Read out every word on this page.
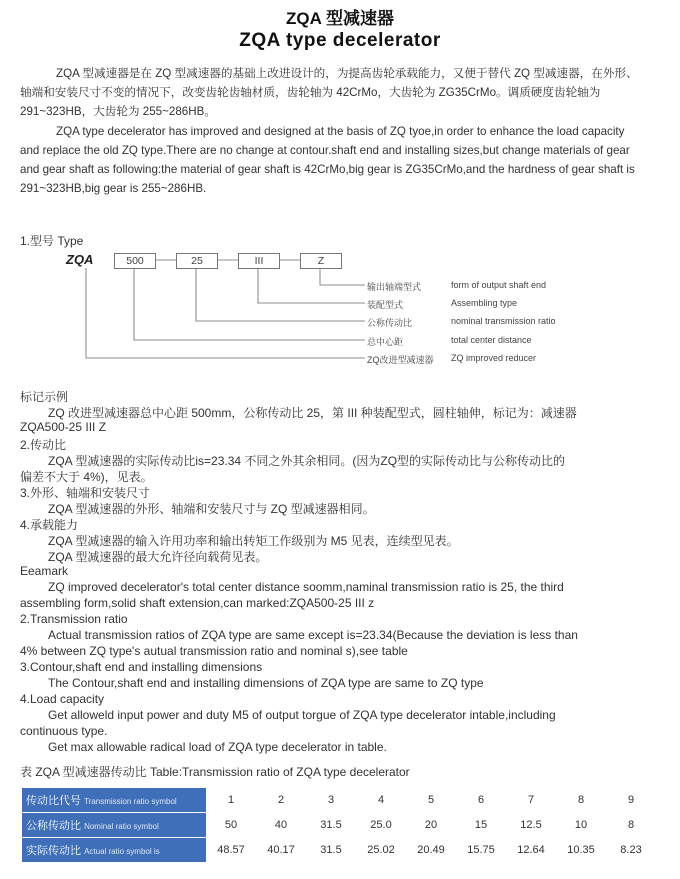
ZQA 型减速器
ZQA type decelerator
ZQA 型减速器是在 ZQ 型减速器的基础上改进设计的，为提高齿轮承载能力，又便于替代 ZQ 型减速器，在外形、轴端和安装尺寸不变的情况下，改变齿轮齿轴材质，齿轮轴为 42CrMo，大齿轮为 ZG35CrMo。调质硬度齿轮轴为 291~323HB，大齿轮为 255~286HB。
ZQA type decelerator has improved and designed at the basis of ZQ tyoe,in order to enhance the load capacity and replace the old ZQ type.There are no change at contour.shaft end and installing sizes,but change materials of gear and gear shaft as following:the material of gear shaft is 42CrMo,big gear is ZG35CrMo,and the hardness of gear shaft is 291~323HB,big gear is 255~286HB.
1.型号 Type
ZQA	500	25	III	Z
输出轴端型式	form of output shaft end
装配型式	Assembling type
公称传动比	nominal transmission ratio
总中心距	total center distance
ZQ改进型减速器 ZQ improved reducer
标记示例
ZQ 改进型减速器总中心距 500mm，公称传动比 25，第 III 种装配型式，圆柱轴伸，标记为：减速器
ZQA500-25 III Z
2.传动比
ZQA 型减速器的实际传动比is=23.34 不同之外其余相同。(因为ZQ型的实际传动比与公称传动比的
偏差不大于 4%)，见表。
3.外形、轴端和安装尺寸
ZQA 型减速器的外形、轴端和安装尺寸与 ZQ 型减速器相同。
4.承载能力
ZQA 型减速器的输入许用功率和输出转矩工作级别为 M5 见表，连续型见表。
ZQA 型减速器的最大允许径向载荷见表。
Eeamark
ZQ improved decelerator's total center distance soomm,naminal transmission ratio is 25, the third
assembling form,solid shaft extension,can marked:ZQA500-25 III z
2.Transmission ratio
Actual transmission ratios of ZQA type are same except is=23.34(Because the deviation is less than
4% between ZQ type's autual transmission ratio and nominal s),see table
3.Contour,shaft end and installing dimensions
The Contour,shaft end and installing dimensions of ZQA type are same to ZQ type
4.Load capacity
Get alloweld input power and duty M5 of output torgue of ZQA type decelerator intable,including
continuous type.
Get max allowable radical load of ZQA type decelerator in table.
表 ZQA 型减速器传动比 Table:Transmission ratio of ZQA type decelerator
传动比代号 Transmission ratio symbol	1	2	3	4	5	6	7	8	9
公称传动比 Nominal ratio symbol	50	40	31.5	25.0	20	15	12.5	10	8
实际传动比 Actual ratio symbol is	48.57	40.17	31.5	25.02	20.49	15.75	12.64	10.35	8.23
